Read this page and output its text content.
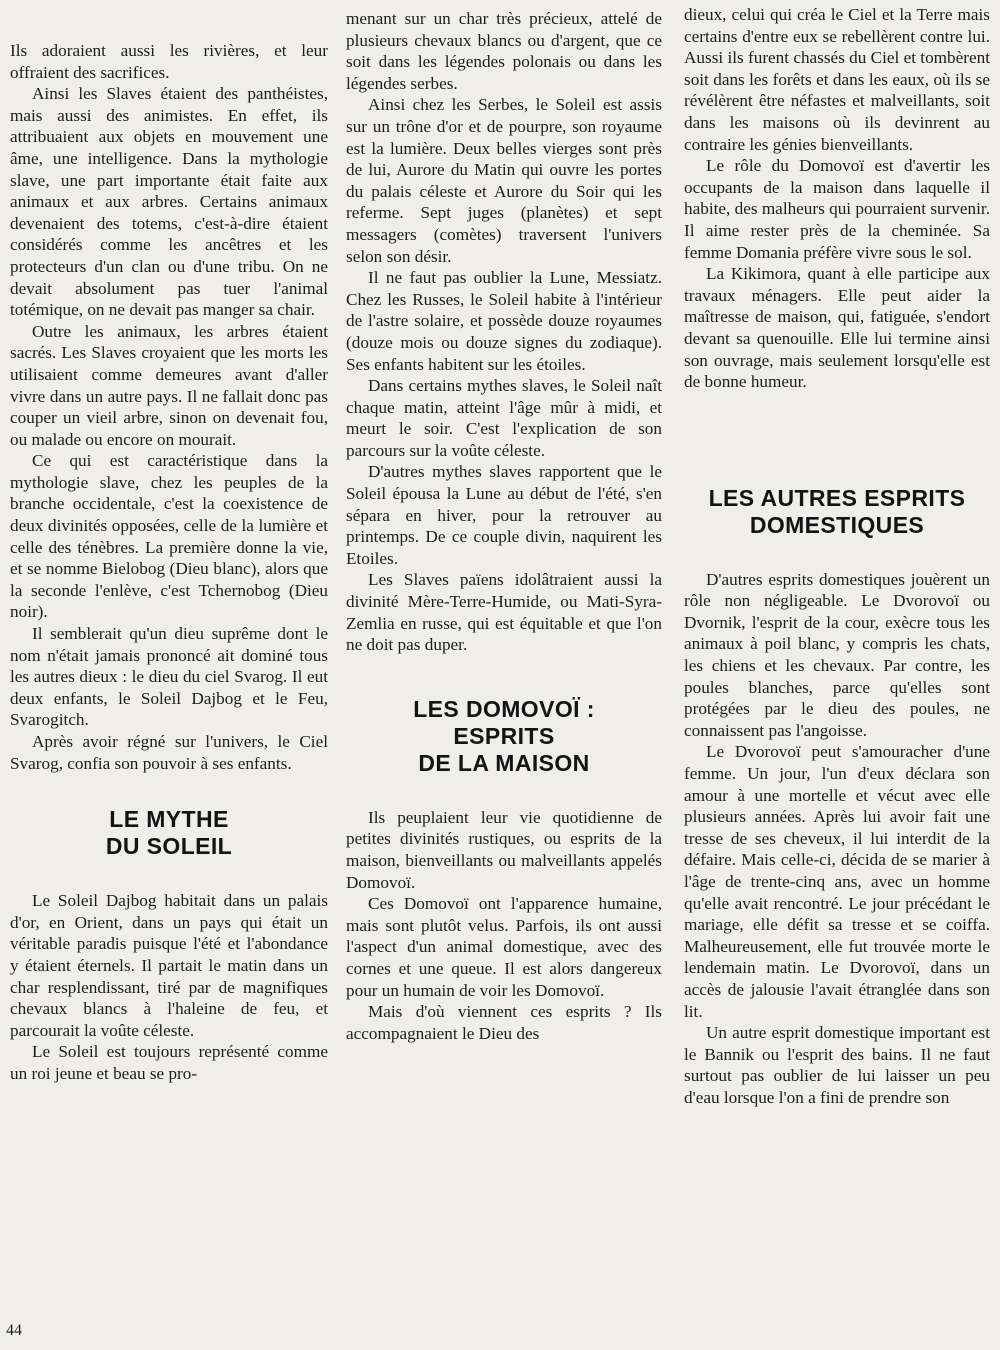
Ils adoraient aussi les rivières, et leur offraient des sacrifices.

Ainsi les Slaves étaient des panthéistes, mais aussi des animistes. En effet, ils attribuaient aux objets en mouvement une âme, une intelligence. Dans la mythologie slave, une part importante était faite aux animaux et aux arbres. Certains animaux devenaient des totems, c'est-à-dire étaient considérés comme les ancêtres et les protecteurs d'un clan ou d'une tribu. On ne devait absolument pas tuer l'animal totémique, on ne devait pas manger sa chair.

Outre les animaux, les arbres étaient sacrés. Les Slaves croyaient que les morts les utilisaient comme demeures avant d'aller vivre dans un autre pays. Il ne fallait donc pas couper un vieil arbre, sinon on devenait fou, ou malade ou encore on mourait.

Ce qui est caractéristique dans la mythologie slave, chez les peuples de la branche occidentale, c'est la coexistence de deux divinités opposées, celle de la lumière et celle des ténèbres. La première donne la vie, et se nomme Bielobog (Dieu blanc), alors que la seconde l'enlève, c'est Tchernobog (Dieu noir).

Il semblerait qu'un dieu suprême dont le nom n'était jamais prononcé ait dominé tous les autres dieux : le dieu du ciel Svarog. Il eut deux enfants, le Soleil Dajbog et le Feu, Svarogitch.

Après avoir régné sur l'univers, le Ciel Svarog, confia son pouvoir à ses enfants.

LE MYTHE
DU SOLEIL

Le Soleil Dajbog habitait dans un palais d'or, en Orient, dans un pays qui était un véritable paradis puisque l'été et l'abondance y étaient éternels. Il partait le matin dans un char resplendissant, tiré par de magnifiques chevaux blancs à l'haleine de feu, et parcourait la voûte céleste.

Le Soleil est toujours représenté comme un roi jeune et beau se pro-

menant sur un char très précieux, attelé de plusieurs chevaux blancs ou d'argent, que ce soit dans les légendes polonais ou dans les légendes serbes.

Ainsi chez les Serbes, le Soleil est assis sur un trône d'or et de pourpre, son royaume est la lumière. Deux belles vierges sont près de lui, Aurore du Matin qui ouvre les portes du palais céleste et Aurore du Soir qui les referme. Sept juges (planètes) et sept messagers (comètes) traversent l'univers selon son désir.

Il ne faut pas oublier la Lune, Messiatz. Chez les Russes, le Soleil habite à l'intérieur de l'astre solaire, et possède douze royaumes (douze mois ou douze signes du zodiaque). Ses enfants habitent sur les étoiles.

Dans certains mythes slaves, le Soleil naît chaque matin, atteint l'âge mûr à midi, et meurt le soir. C'est l'explication de son parcours sur la voûte céleste.

D'autres mythes slaves rapportent que le Soleil épousa la Lune au début de l'été, s'en sépara en hiver, pour la retrouver au printemps. De ce couple divin, naquirent les Etoiles.

Les Slaves païens idolâtraient aussi la divinité Mère-Terre-Humide, ou Mati-Syra-Zemlia en russe, qui est équitable et que l'on ne doit pas duper.

LES DOMOVOÏ :
ESPRITS
DE LA MAISON

Ils peuplaient leur vie quotidienne de petites divinités rustiques, ou esprits de la maison, bienveillants ou malveillants appelés Domovoï.

Ces Domovoï ont l'apparence humaine, mais sont plutôt velus. Parfois, ils ont aussi l'aspect d'un animal domestique, avec des cornes et une queue. Il est alors dangereux pour un humain de voir les Domovoï.

Mais d'où viennent ces esprits ? Ils accompagnaient le Dieu des

dieux, celui qui créa le Ciel et la Terre mais certains d'entre eux se rebellèrent contre lui. Aussi ils furent chassés du Ciel et tombèrent soit dans les forêts et dans les eaux, où ils se révélèrent être néfastes et malveillants, soit dans les maisons où ils devinrent au contraire les génies bienveillants.

Le rôle du Domovoï est d'avertir les occupants de la maison dans laquelle il habite, des malheurs qui pourraient survenir. Il aime rester près de la cheminée. Sa femme Domania préfère vivre sous le sol.

La Kikimora, quant à elle participe aux travaux ménagers. Elle peut aider la maîtresse de maison, qui, fatiguée, s'endort devant sa quenouille. Elle lui termine ainsi son ouvrage, mais seulement lorsqu'elle est de bonne humeur.

LES AUTRES ESPRITS
DOMESTIQUES

D'autres esprits domestiques jouèrent un rôle non négligeable. Le Dvorovoï ou Dvornik, l'esprit de la cour, exècre tous les animaux à poil blanc, y compris les chats, les chiens et les chevaux. Par contre, les poules blanches, parce qu'elles sont protégées par le dieu des poules, ne connaissent pas l'angoisse.

Le Dvorovoï peut s'amouracher d'une femme. Un jour, l'un d'eux déclara son amour à une mortelle et vécut avec elle plusieurs années. Après lui avoir fait une tresse de ses cheveux, il lui interdit de la défaire. Mais celle-ci, décida de se marier à l'âge de trente-cinq ans, avec un homme qu'elle avait rencontré. Le jour précédant le mariage, elle défit sa tresse et se coiffa. Malheureusement, elle fut trouvée morte le lendemain matin. Le Dvorovoï, dans un accès de jalousie l'avait étranglée dans son lit.

Un autre esprit domestique important est le Bannik ou l'esprit des bains. Il ne faut surtout pas oublier de lui laisser un peu d'eau lorsque l'on a fini de prendre son

44
